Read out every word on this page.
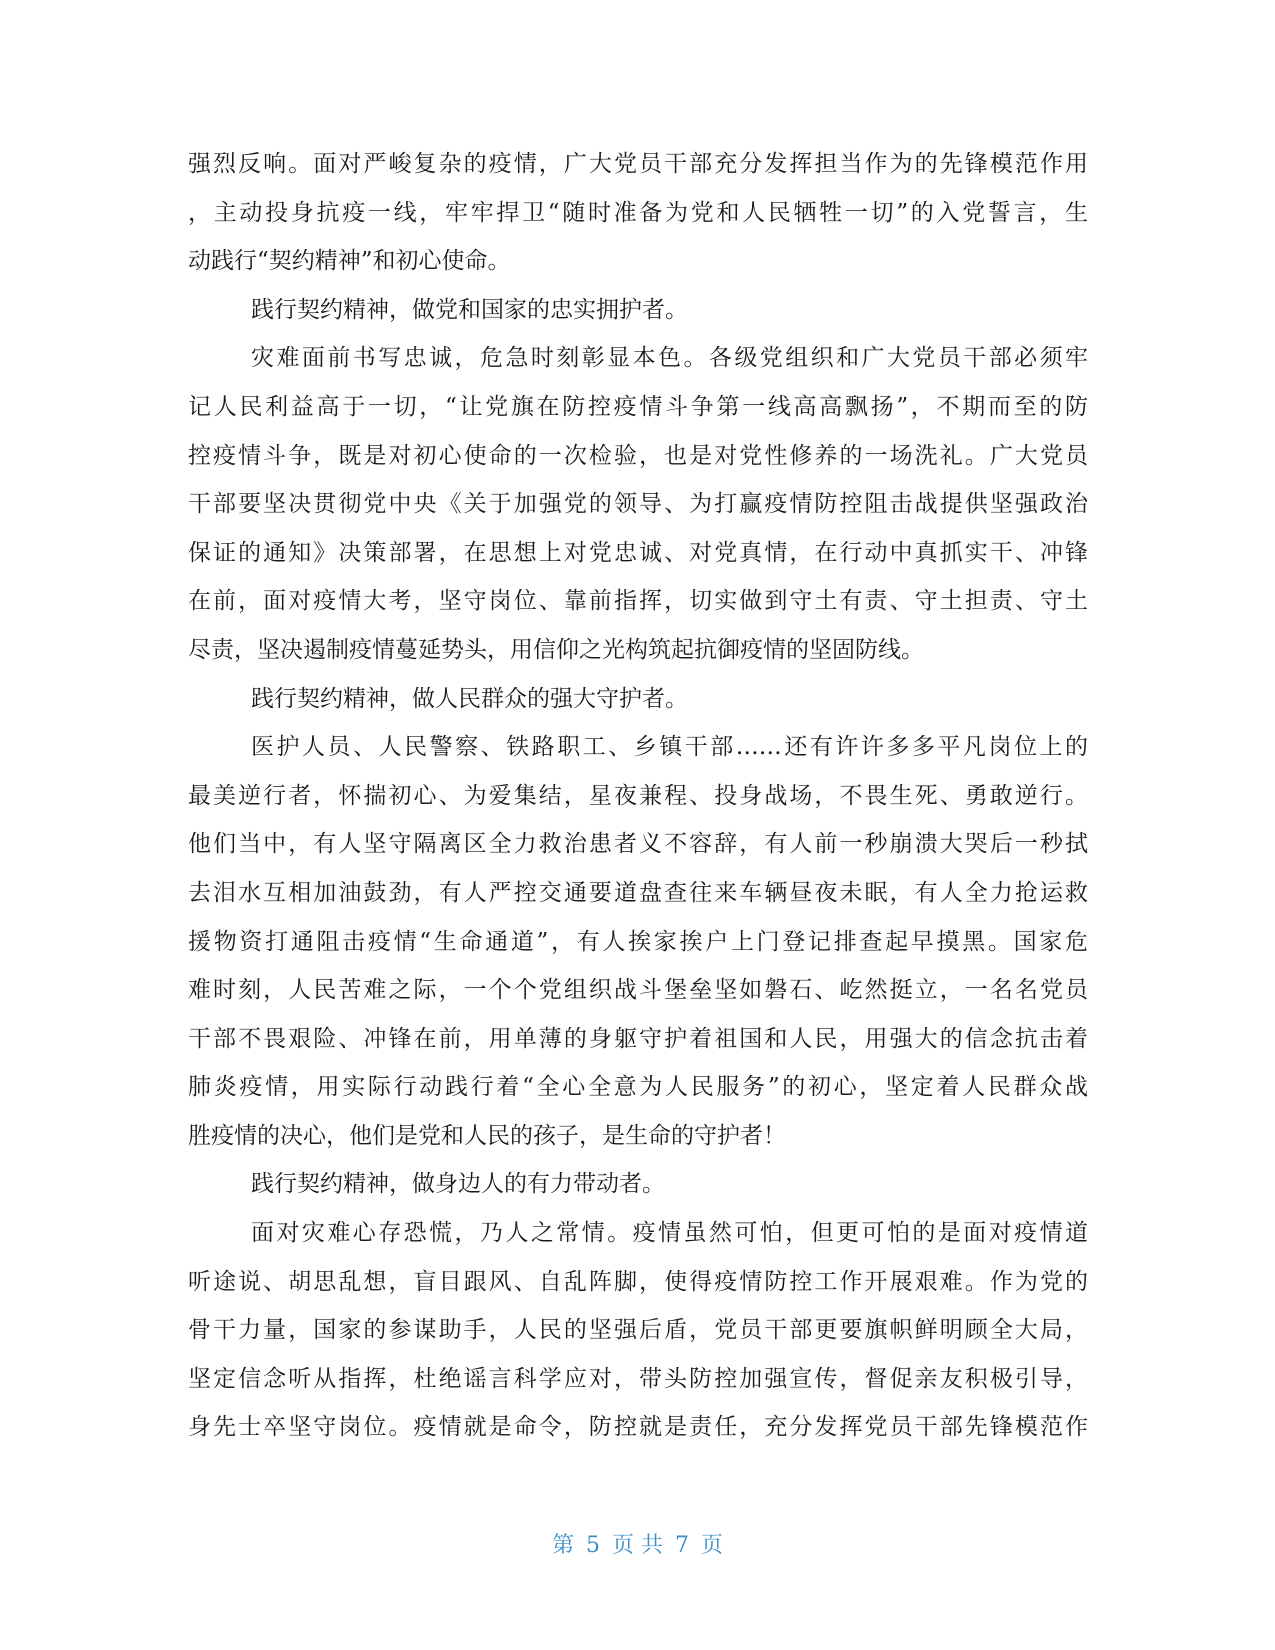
强烈反响。面对严峻复杂的疫情，广大党员干部充分发挥担当作为的先锋模范作用
，主动投身抗疫一线，牢牢捍卫“随时准备为党和人民牺牲一切”的入党誓言，生
动践行“契约精神”和初心使命。
践行契约精神，做党和国家的忠实拥护者。
灾难面前书写忠诚，危急时刻彰显本色。各级党组织和广大党员干部必须牢
记人民利益高于一切，“让党旗在防控疫情斗争第一线高高飘扬”，不期而至的防
控疫情斗争，既是对初心使命的一次检验，也是对党性修养的一场洗礼。广大党员
干部要坚决贯彻党中央《关于加强党的领导、为打赢疫情防控阻击战提供坚强政治
保证的通知》决策部署，在思想上对党忠诚、对党真情，在行动中真抓实干、冲锋
在前，面对疫情大考，坚守岗位、靠前指挥，切实做到守土有责、守土担责、守土
尽责，坚决遏制疫情蔓延势头，用信仰之光构筑起抗御疫情的坚固防线。
践行契约精神，做人民群众的强大守护者。
医护人员、人民警察、铁路职工、乡镇干部……还有许许多多平凡岗位上的
最美逆行者，怀揣初心、为爱集结，星夜兼程、投身战场，不畏生死、勇敢逆行。
他们当中，有人坚守隔离区全力救治患者义不容辞，有人前一秒崩溃大哭后一秒拭
去泪水互相加油鼓劲，有人严控交通要道盘查往来车辆昼夜未眠，有人全力抢运救
援物资打通阻击疫情“生命通道”，有人挨家挨户上门登记排查起早摸黑。国家危
难时刻，人民苦难之际，一个个党组织战斗堡垒坚如磐石、屹然挺立，一名名党员
干部不畏艰险、冲锋在前，用单薄的身躯守护着祖国和人民，用强大的信念抗击着
肺炎疫情，用实际行动践行着“全心全意为人民服务”的初心，坚定着人民群众战
胜疫情的决心，他们是党和人民的孩子，是生命的守护者！
践行契约精神，做身边人的有力带动者。
面对灾难心存恐慌，乃人之常情。疫情虽然可怕，但更可怕的是面对疫情道
听途说、胡思乱想，盲目跟风、自乱阵脚，使得疫情防控工作开展艰难。作为党的
骨干力量，国家的参谋助手，人民的坚强后盾，党员干部更要旗帜鲜明顾全大局，
坚定信念听从指挥，杜绝谣言科学应对，带头防控加强宣传，督促亲友积极引导，
身先士卒坚守岗位。疫情就是命令，防控就是责任，充分发挥党员干部先锋模范作
第 5 页 共 7 页
